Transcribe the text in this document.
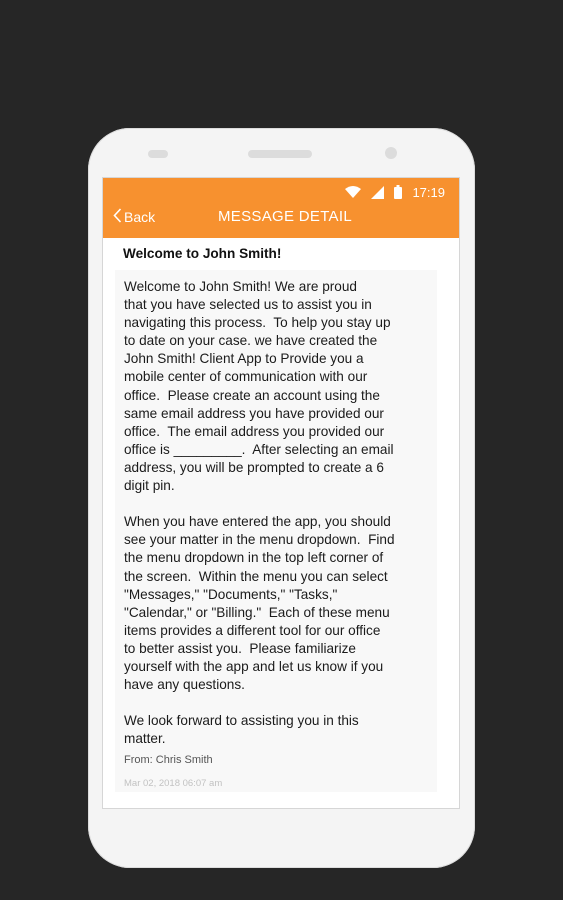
17:19
Back	MESSAGE DETAIL
Welcome to John Smith!

Welcome to John Smith! We are proud
that you have selected us to assist you in
navigating this process.  To help you stay up
to date on your case. we have created the
John Smith! Client App to Provide you a
mobile center of communication with our
office.  Please create an account using the
same email address you have provided our
office.  The email address you provided our
office is _________.  After selecting an email
address, you will be prompted to create a 6
digit pin.

When you have entered the app, you should
see your matter in the menu dropdown.  Find
the menu dropdown in the top left corner of
the screen.  Within the menu you can select
"Messages," "Documents," "Tasks,"
"Calendar," or "Billing."  Each of these menu
items provides a different tool for our office
to better assist you.  Please familiarize
yourself with the app and let us know if you
have any questions.

We look forward to assisting you in this
matter.

From: Chris Smith
Mar 02, 2018 06:07 am
